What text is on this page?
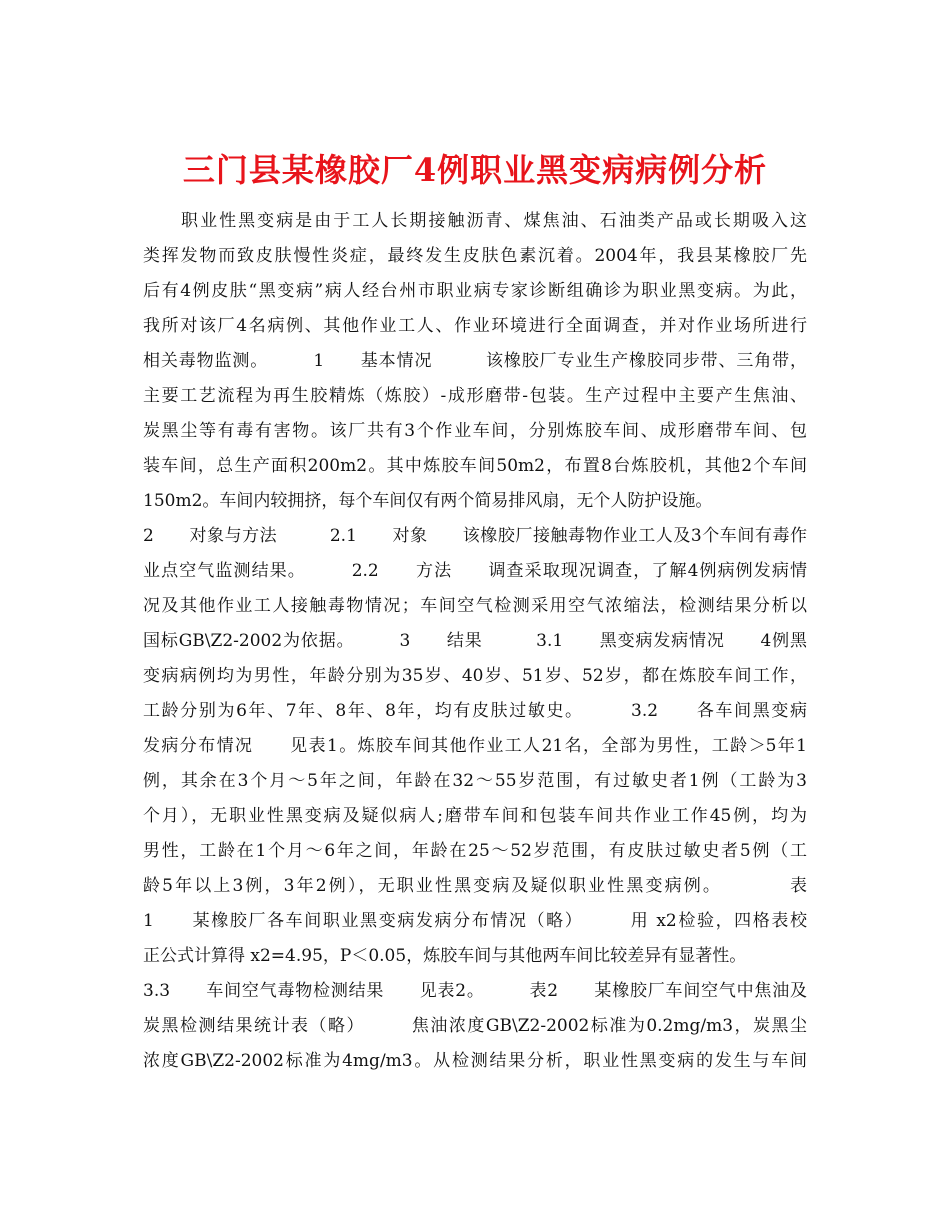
三门县某橡胶厂4例职业黑变病病例分析
　　职业性黑变病是由于工人长期接触沥青、煤焦油、石油类产品或长期吸入这
类挥发物而致皮肤慢性炎症，最终发生皮肤色素沉着。2004年，我县某橡胶厂先
后有4例皮肤“黑变病”病人经台州市职业病专家诊断组确诊为职业黑变病。为此，
我所对该厂4名病例、其他作业工人、作业环境进行全面调查，并对作业场所进行
相关毒物监测。　　　1　　基本情况　　　该橡胶厂专业生产橡胶同步带、三角带，
主要工艺流程为再生胶精炼（炼胶）-成形磨带-包装。生产过程中主要产生焦油、
炭黑尘等有毒有害物。该厂共有3个作业车间，分别炼胶车间、成形磨带车间、包
装车间，总生产面积200m2。其中炼胶车间50m2，布置8台炼胶机，其他2个车间
150m2。车间内较拥挤，每个车间仅有两个简易排风扇，无个人防护设施。
2　　对象与方法　　　2.1　　对象　　该橡胶厂接触毒物作业工人及3个车间有毒作
业点空气监测结果。　　　2.2　　方法　　调查采取现况调查，了解4例病例发病情
况及其他作业工人接触毒物情况；车间空气检测采用空气浓缩法，检测结果分析以
国标GB\Z2-2002为依据。　　　3　　结果　　　3.1　　黑变病发病情况　　4例黑
变病病例均为男性，年龄分别为35岁、40岁、51岁、52岁，都在炼胶车间工作，
工龄分别为6年、7年、8年、8年，均有皮肤过敏史。　　　3.2　　各车间黑变病
发病分布情况　　见表1。炼胶车间其他作业工人21名，全部为男性，工龄＞5年1
例，其余在3个月～5年之间，年龄在32～55岁范围，有过敏史者1例（工龄为3
个月），无职业性黑变病及疑似病人;磨带车间和包装车间共作业工作45例，均为
男性，工龄在1个月～6年之间，年龄在25～52岁范围，有皮肤过敏史者5例（工
龄5年以上3例，3年2例），无职业性黑变病及疑似职业性黑变病例。　　　　表
1　　某橡胶厂各车间职业黑变病发病分布情况（略）　　　用 x2检验，四格表校
正公式计算得 x2=4.95，P＜0.05，炼胶车间与其他两车间比较差异有显著性。
3.3　　车间空气毒物检测结果　　见表2。　　　表2　　某橡胶厂车间空气中焦油及
炭黑检测结果统计表（略）　　　焦油浓度GB\Z2-2002标准为0.2mg/m3，炭黑尘
浓度GB\Z2-2002标准为4mg/m3。从检测结果分析，职业性黑变病的发生与车间
